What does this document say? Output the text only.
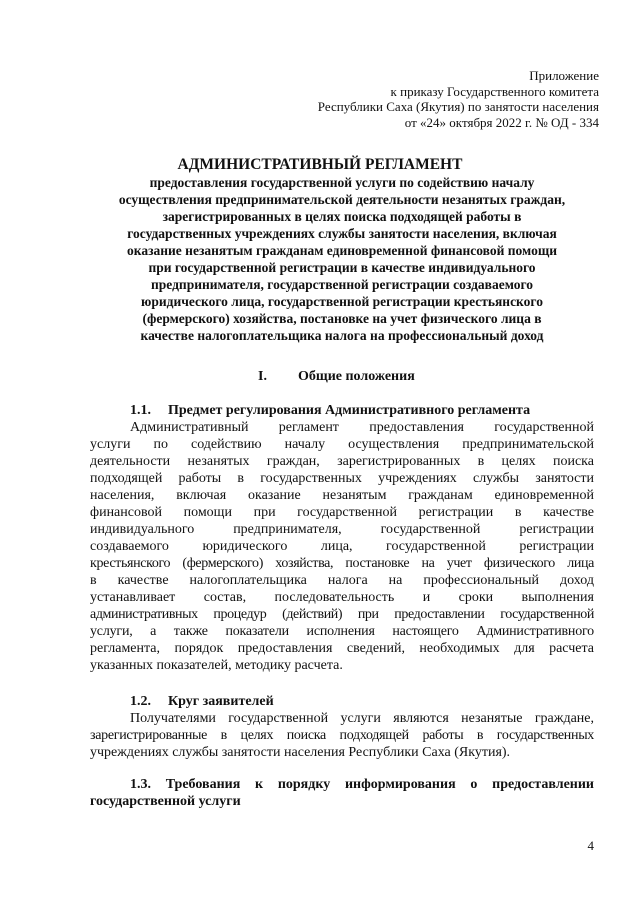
Приложение
к приказу Государственного комитета
Республики Саха (Якутия) по занятости населения
от «24» октября 2022 г. № ОД - 334
АДМИНИСТРАТИВНЫЙ РЕГЛАМЕНТ
предоставления государственной услуги по содействию началу
осуществления предпринимательской деятельности незанятых граждан,
зарегистрированных в целях поиска подходящей работы в
государственных учреждениях службы занятости населения, включая
оказание незанятым гражданам единовременной финансовой помощи
при государственной регистрации в качестве индивидуального
предпринимателя, государственной регистрации создаваемого
юридического лица, государственной регистрации крестьянского
(фермерского) хозяйства, постановке на учет физического лица в
качестве налогоплательщика налога на профессиональный доход
I. Общие положения
1.1. Предмет регулирования Административного регламента
Административный регламент предоставления государственной
услуги по содействию началу осуществления предпринимательской
деятельности незанятых граждан, зарегистрированных в целях поиска
подходящей работы в государственных учреждениях службы занятости
населения, включая оказание незанятым гражданам единовременной
финансовой помощи при государственной регистрации в качестве
индивидуального предпринимателя, государственной регистрации
создаваемого юридического лица, государственной регистрации
крестьянского (фермерского) хозяйства, постановке на учет физического лица
в качестве налогоплательщика налога на профессиональный доход
устанавливает состав, последовательность и сроки выполнения
административных процедур (действий) при предоставлении государственной
услуги, а также показатели исполнения настоящего Административного
регламента, порядок предоставления сведений, необходимых для расчета
указанных показателей, методику расчета.
1.2. Круг заявителей
Получателями государственной услуги являются незанятые граждане,
зарегистрированные в целях поиска подходящей работы в государственных
учреждениях службы занятости населения Республики Саха (Якутия).
1.3. Требования к порядку информирования о предоставлении
государственной услуги
4
